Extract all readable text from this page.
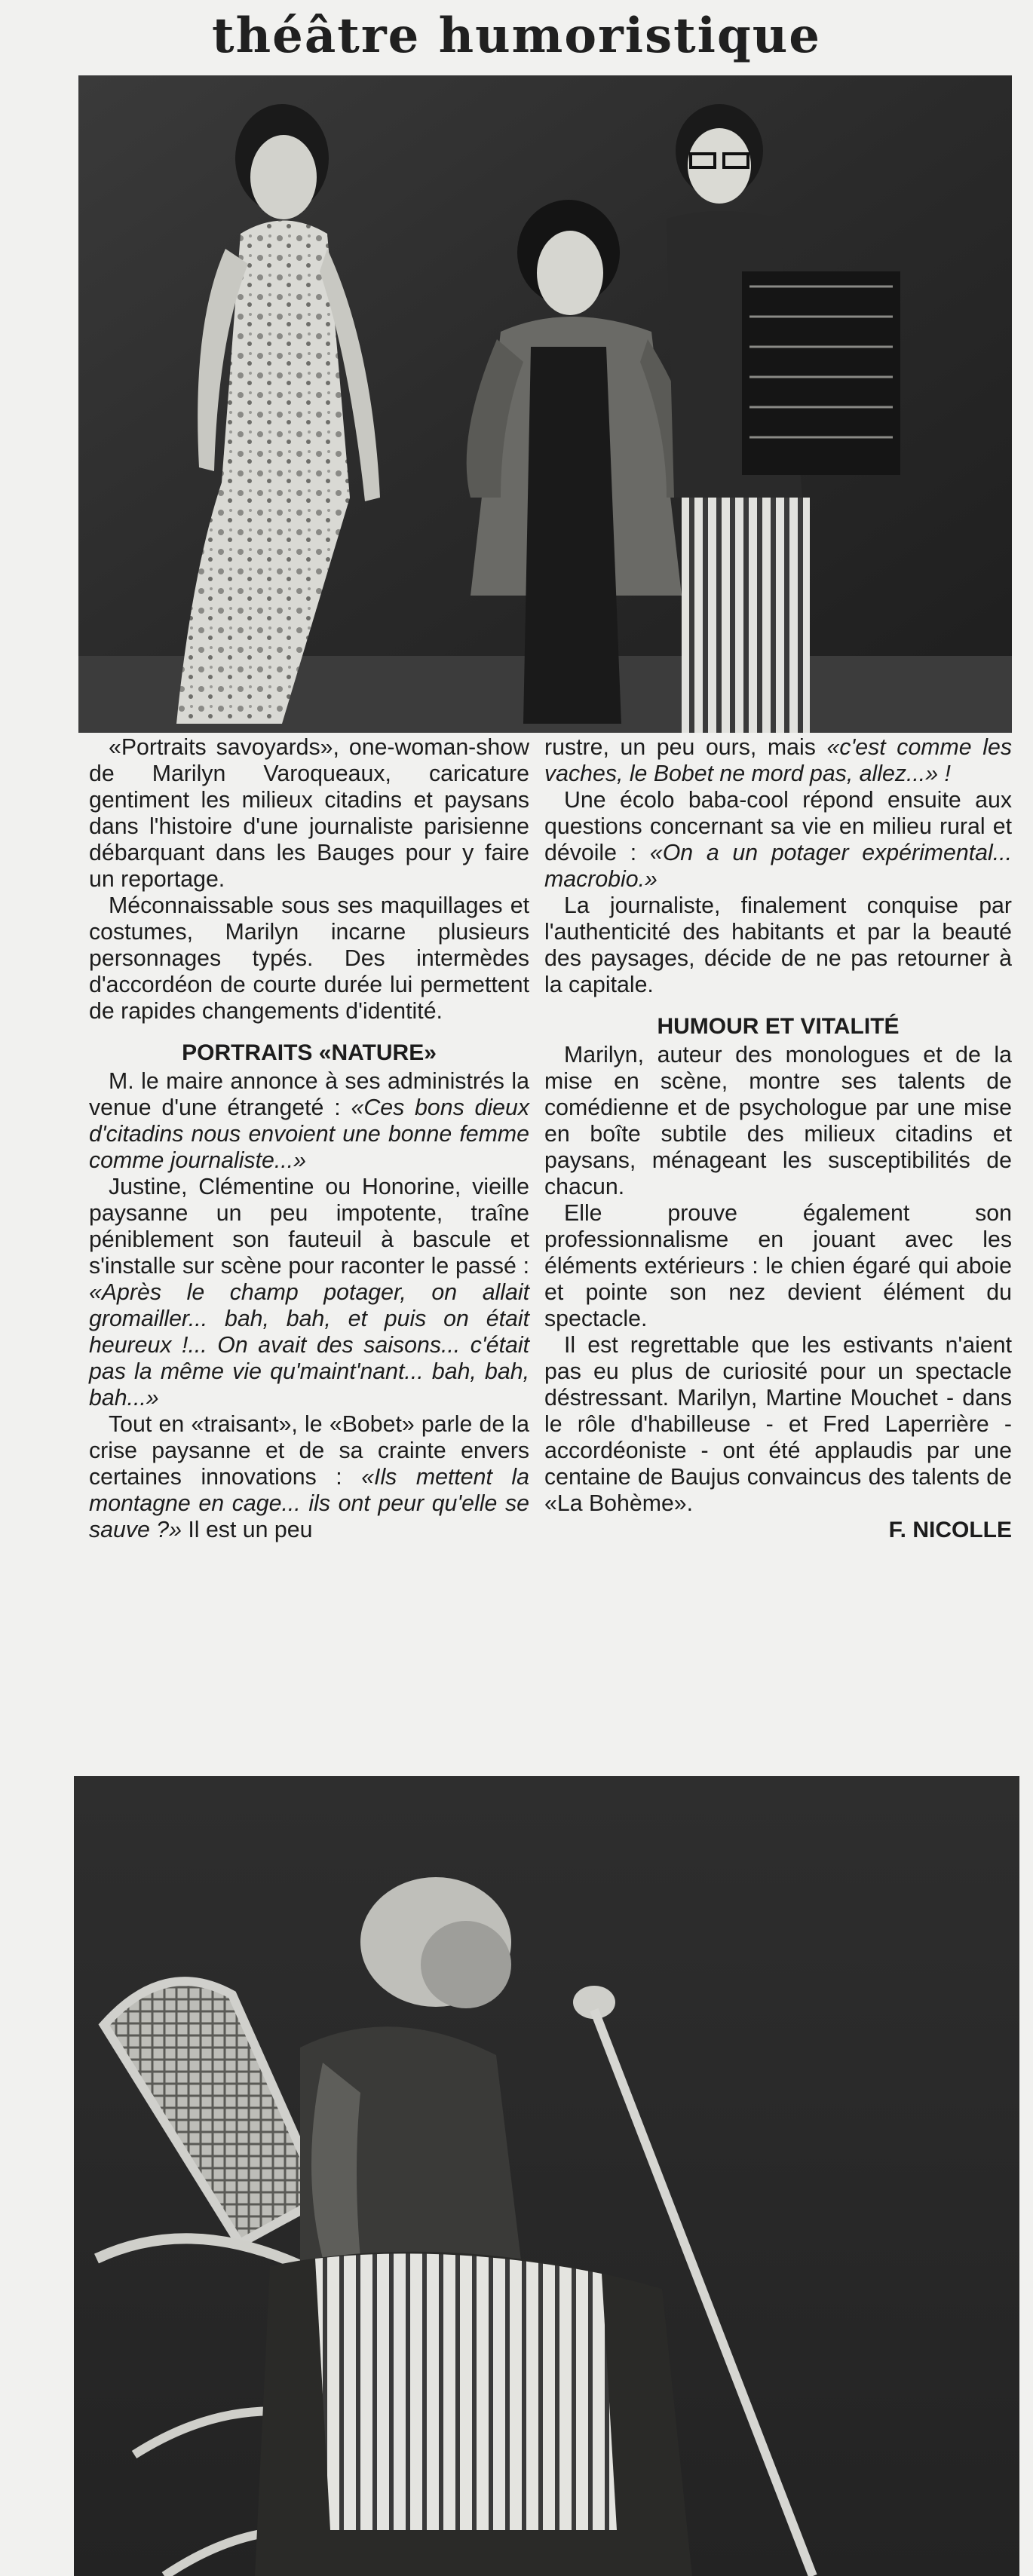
théâtre humoristique

«Portraits savoyards», one-woman-show de Marilyn Varoqueaux, caricature gentiment les milieux citadins et paysans dans l'histoire d'une journaliste parisienne débarquant dans les Bauges pour y faire un reportage.

Méconnaissable sous ses maquillages et costumes, Marilyn incarne plusieurs personnages typés. Des intermèdes d'accordéon de courte durée lui permettent de rapides changements d'identité.

PORTRAITS «NATURE»

M. le maire annonce à ses administrés la venue d'une étrangeté : «Ces bons dieux d'citadins nous envoient une bonne femme comme journaliste...»

Justine, Clémentine ou Honorine, vieille paysanne un peu impotente, traîne péniblement son fauteuil à bascule et s'installe sur scène pour raconter le passé : «Après le champ potager, on allait gromailler... bah, bah, et puis on était heureux !... On avait des saisons... c'était pas la même vie qu'maint'nant... bah, bah, bah...»

Tout en «traisant», le «Bobet» parle de la crise paysanne et de sa crainte envers certaines innovations : «Ils mettent la montagne en cage... ils ont peur qu'elle se sauve ?» Il est un peu

rustre, un peu ours, mais «c'est comme les vaches, le Bobet ne mord pas, allez...» !

Une écolo baba-cool répond ensuite aux questions concernant sa vie en milieu rural et dévoile : «On a un potager expérimental... macrobio.»

La journaliste, finalement conquise par l'authenticité des habitants et par la beauté des paysages, décide de ne pas retourner à la capitale.

HUMOUR ET VITALITÉ

Marilyn, auteur des monologues et de la mise en scène, montre ses talents de comédienne et de psychologue par une mise en boîte subtile des milieux citadins et paysans, ménageant les susceptibilités de chacun.

Elle prouve également son professionnalisme en jouant avec les éléments extérieurs : le chien égaré qui aboie et pointe son nez devient élément du spectacle.

Il est regrettable que les estivants n'aient pas eu plus de curiosité pour un spectacle déstressant. Marilyn, Martine Mouchet - dans le rôle d'habilleuse - et Fred Laperrière - accordéoniste - ont été applaudis par une centaine de Baujus convaincus des talents de «La Bohème».

F. NICOLLE
